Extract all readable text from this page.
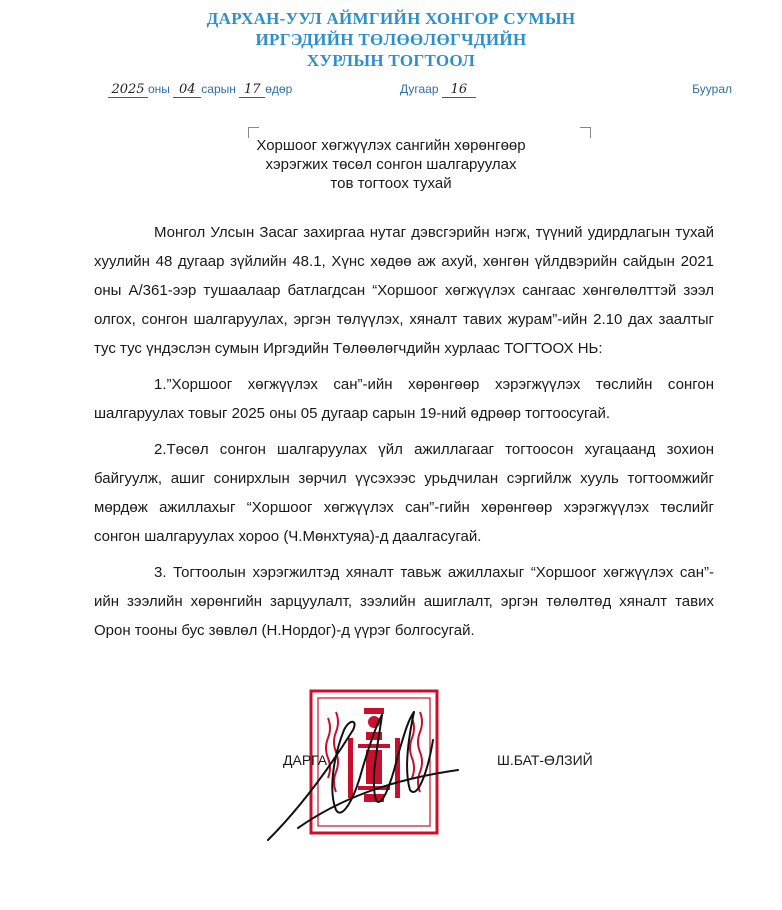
ДАРХАН-УУЛ АЙМГИЙН ХОНГОР СУМЫН
ИРГЭДИЙН ТӨЛӨӨЛӨГЧДИЙН
ХУРЛЫН ТОГТООЛ
2025 оны 04 сарын 17 өдөр	Дугаар 16	Буурал
Хоршоог хөгжүүлэх сангийн хөрөнгөөр
хэрэгжих төсөл сонгон шалгаруулах
тов тогтоох тухай

Монгол Улсын Засаг захиргаа нутаг дэвсгэрийн нэгж, түүний удирдлагын тухай хуулийн 48 дугаар зүйлийн 48.1, Хүнс хөдөө аж ахуй, хөнгөн үйлдвэрийн сайдын 2021 оны А/361-ээр тушаалаар батлагдсан “Хоршоог хөгжүүлэх сангаас хөнгөлөлттэй зээл олгох, сонгон шалгаруулах, эргэн төлүүлэх, хяналт тавих журам”-ийн 2.10 дах заалтыг тус тус үндэслэн сумын Иргэдийн Төлөөлөгчдийн хурлаас ТОГТООХ НЬ:

1.”Хоршоог хөгжүүлэх сан”-ийн хөрөнгөөр хэрэгжүүлэх төслийн сонгон шалгаруулах товыг 2025 оны 05 дугаар сарын 19-ний өдрөөр тогтоосугай.

2.Төсөл сонгон шалгаруулах үйл ажиллагааг тогтоосон хугацаанд зохион байгуулж, ашиг сонирхлын зөрчил үүсэхээс урьдчилан сэргийлж хууль тогтоомжийг мөрдөж ажиллахыг “Хоршоог хөгжүүлэх сан”-гийн хөрөнгөөр хэрэгжүүлэх төслийг сонгон шалгаруулах хороо (Ч.Мөнхтуяа)-д даалгасугай.

3. Тогтоолын хэрэгжилтэд хяналт тавьж ажиллахыг “Хоршоог хөгжүүлэх сан”-ийн зээлийн хөрөнгийн зарцуулалт, зээлийн ашиглалт, эргэн төлөлтөд хяналт тавих Орон тооны бус зөвлөл (Н.Нордог)-д үүрэг болгосугай.

ДАРГА	Ш.БАТ-ӨЛЗИЙ
